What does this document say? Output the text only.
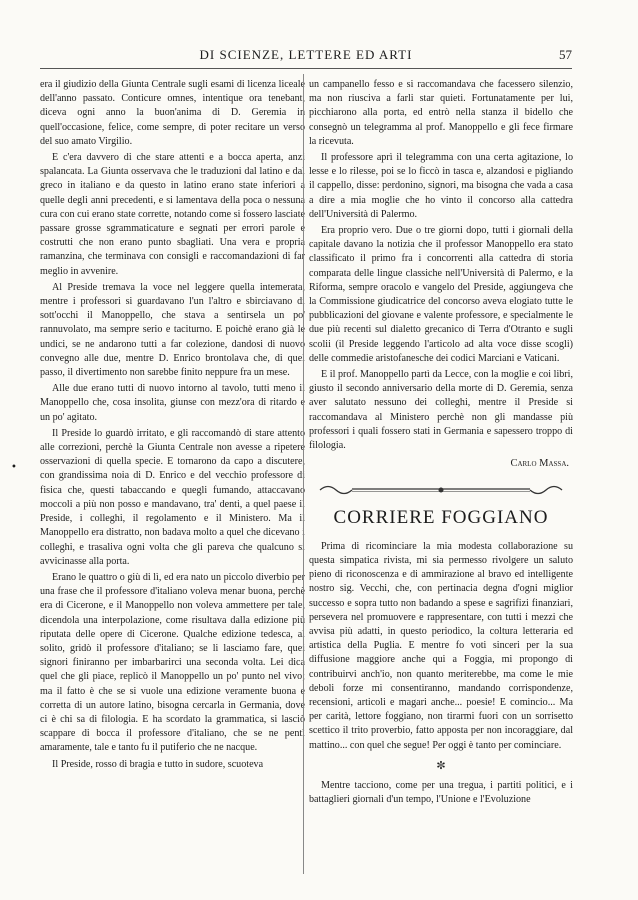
DI SCIENZE, LETTERE ED ARTI	57
•

era il giudizio della Giunta Centrale sugli esami di licenza liceale dell'anno passato. Conticure omnes, intentique ora tenebant, diceva ogni anno la buon'anima di D. Geremia in quell'occasione, felice, come sempre, di poter recitare un verso del suo amato Virgilio.

E c'era davvero di che stare attenti e a bocca aperta, anzi spalancata. La Giunta osservava che le traduzioni dal latino e dal greco in italiano e da questo in latino erano state inferiori a quelle degli anni precedenti, e si lamentava della poca o nessuna cura con cui erano state corrette, notando come si fossero lasciate passare grosse sgrammaticature e segnati per errori parole e costrutti che non erano punto sbagliati. Una vera e propria ramanzina, che terminava con consigli e raccomandazioni di far meglio in avvenire.

Al Preside tremava la voce nel leggere quella intemerata, mentre i professori si guardavano l'un l'altro e sbirciavano di sott'occhi il Manoppello, che stava a sentirsela un po' rannuvolato, ma sempre serio e taciturno. E poichè erano già le undici, se ne andarono tutti a far colezione, dandosi di nuovo convegno alle due, mentre D. Enrico brontolava che, di quel passo, il divertimento non sarebbe finito neppure fra un mese.

Alle due erano tutti di nuovo intorno al tavolo, tutti meno il Manoppello che, cosa insolita, giunse con mezz'ora di ritardo e un po' agitato.

Il Preside lo guardò irritato, e gli raccomandò di stare attento alle correzioni, perchè la Giunta Centrale non avesse a ripetere osservazioni di quella specie. E tornarono da capo a discutere, con grandissima noia di D. Enrico e del vecchio professore di fisica che, questi tabaccando e quegli fumando, attaccavano moccoli a più non posso e mandavano, tra' denti, a quel paese il Preside, i colleghi, il regolamento e il Ministero. Ma il Manoppello era distratto, non badava molto a quel che dicevano i colleghi, e trasaliva ogni volta che gli pareva che qualcuno si avvicinasse alla porta.

Erano le quattro o giù di lì, ed era nato un piccolo diverbio per una frase che il professore d'italiano voleva menar buona, perchè era di Cicerone, e il Manoppello non voleva ammettere per tale, dicendola una interpolazione, come risultava dalla edizione più riputata delle opere di Cicerone. Qualche edizione tedesca, al solito, gridò il professore d'italiano; se li lasciamo fare, quei signori finiranno per imbarbarirci una seconda volta. Lei dica quel che gli piace, replicò il Manoppello un po' punto nel vivo; ma il fatto è che se si vuole una edizione veramente buona e corretta di un autore latino, bisogna cercarla in Germania, dove ci è chi sa di filologia. E ha scordato la grammatica, si lasciò scappare di bocca il professore d'italiano, che se ne pentì amaramente, tale e tanto fu il putiferio che ne nacque.

Il Preside, rosso di bragia e tutto in sudore, scuoteva

un campanello fesso e si raccomandava che facessero silenzio, ma non riusciva a farli star quieti. Fortunatamente per lui, picchiarono alla porta, ed entrò nella stanza il bidello che consegnò un telegramma al prof. Manoppello e gli fece firmare la ricevuta.

Il professore aprì il telegramma con una certa agitazione, lo lesse e lo rilesse, poi se lo ficcò in tasca e, alzandosi e pigliando il cappello, disse: perdonino, signori, ma bisogna che vada a casa a dire a mia moglie che ho vinto il concorso alla cattedra dell'Università di Palermo.

Era proprio vero. Due o tre giorni dopo, tutti i giornali della capitale davano la notizia che il professor Manoppello era stato classificato il primo fra i concorrenti alla cattedra di storia comparata delle lingue classiche nell'Università di Palermo, e la Riforma, sempre oracolo e vangelo del Preside, aggiungeva che la Commissione giudicatrice del concorso aveva elogiato tutte le pubblicazioni del giovane e valente professore, e specialmente le due più recenti sul dialetto grecanico di Terra d'Otranto e sugli scolii (il Preside leggendo l'articolo ad alta voce disse scogli) delle commedie aristofanesche dei codici Marciani e Vaticani.

E il prof. Manoppello partì da Lecce, con la moglie e coi libri, giusto il secondo anniversario della morte di D. Geremia, senza aver salutato nessuno dei colleghi, mentre il Preside si raccomandava al Ministero perchè non gli mandasse più professori i quali fossero stati in Germania e sapessero troppo di filologia.

Carlo Massa.
CORRIERE FOGGIANO

Prima di ricominciare la mia modesta collaborazione su questa simpatica rivista, mi sia permesso rivolgere un saluto pieno di riconoscenza e di ammirazione al bravo ed intelligente nostro sig. Vecchi, che, con pertinacia degna d'ogni miglior successo e sopra tutto non badando a spese e sagrifizi finanziari, persevera nel promuovere e rappresentare, con tutti i mezzi che avvisa più adatti, in questo periodico, la coltura letteraria ed artistica della Puglia. E mentre fo voti sinceri per la sua diffusione maggiore anche qui a Foggia, mi propongo di contribuirvi anch'io, non quanto meriterebbe, ma come le mie deboli forze mi consentiranno, mandando corrispondenze, recensioni, articoli e magari anche... poesie! E comincio... Ma per carità, lettore foggiano, non tirarmi fuori con un sorrisetto scettico il trito proverbio, fatto apposta per non incoraggiare, dal mattino... con quel che segue! Per oggi è tanto per cominciare.

✼

Mentre tacciono, come per una tregua, i partiti politici, e i battaglieri giornali d'un tempo, l'Unione e l'Evoluzione
